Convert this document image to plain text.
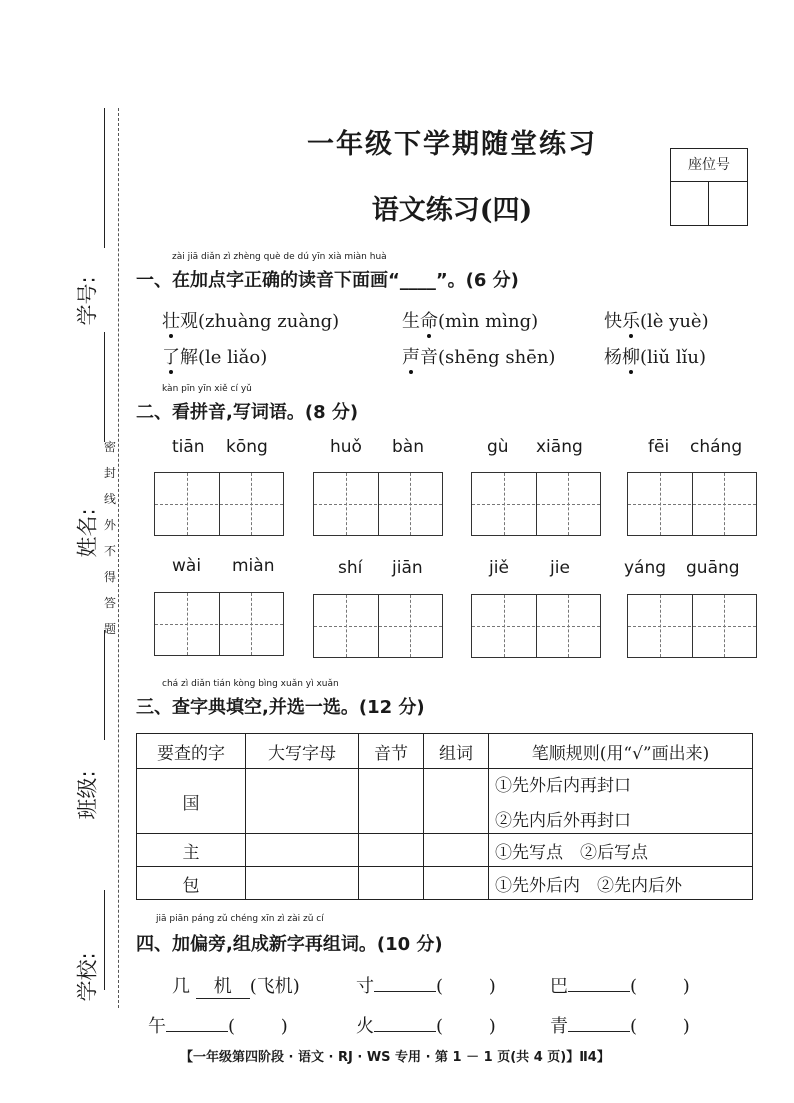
学号:
姓名:
班级:
学校:
密
封
线
外
不
得
答
题
一年级下学期随堂练习
语文练习(四)
座位号
zài jiā diǎn zì zhèng què de dú yīn xià miàn huà
一、在加点字正确的读音下面画“____”。(6 分)
壮观(zhuàng zuàng)	生命(mìn mìng)	快乐(lè yuè)
了解(le liǎo)	声音(shēng shēn)	杨柳(liǔ lǐu)
kàn pīn yīn xiě cí yǔ
二、看拼音,写词语。(8 分)
tiān kōng	huǒ bàn	gù xiāng	fēi cháng
wài miàn	shí jiān	jiě jie	yáng guāng
chá zì diǎn tián kòng bìng xuǎn yì xuǎn
三、查字典填空,并选一选。(12 分)
要查的字	大写字母	音节	组词	笔顺规则(用“√”画出来)
国				①先外后内再封口
②先内后外再封口

主				①先写点　②后写点
包				①先外后内　②先内后外
jiā piān páng zǔ chéng xīn zì zài zǔ cí
四、加偏旁,组成新字再组词。(10 分)
几 机 (飞机)	寸	(        )	巴	(        )
午	(        )	火	(        )	青	(        )
【一年级第四阶段 · 语文 · RJ · WS 专用 · 第 1 － 1 页(共 4 页)】Ⅱ4】
